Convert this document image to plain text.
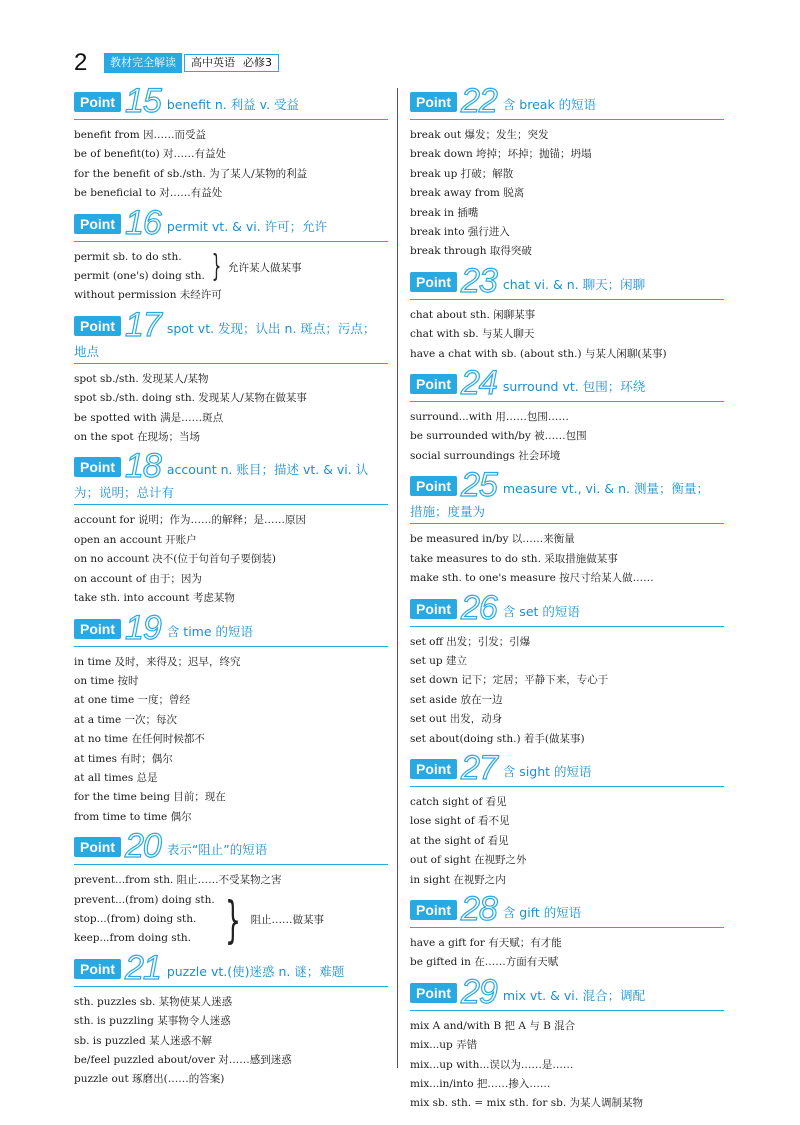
2	教材完全解读	高中英语 必修3
Point 15 benefit n. 利益 v. 受益
benefit from 因……而受益
be of benefit(to) 对……有益处
for the benefit of sb./sth. 为了某人/某物的利益
be beneficial to 对……有益处
Point 16 permit vt. & vi. 许可；允许
permit sb. to do sth.
permit (one's) doing sth. } 允许某人做某事
without permission 未经许可
Point 17 spot vt. 发现；认出 n. 斑点；污点；
地点
spot sb./sth. 发现某人/某物
spot sb./sth. doing sth. 发现某人/某物在做某事
be spotted with 满是……斑点
on the spot 在现场；当场
Point 18 account n. 账目；描述 vt. & vi. 认
为；说明；总计有
account for 说明；作为……的解释；是……原因
open an account 开账户
on no account 决不(位于句首句子要倒装)
on account of 由于；因为
take sth. into account 考虑某物
Point 19 含 time 的短语
in time 及时，来得及；迟早，终究
on time 按时
at one time 一度；曾经
at a time 一次；每次
at no time 在任何时候都不
at times 有时；偶尔
at all times 总是
for the time being 目前；现在
from time to time 偶尔
Point 20 表示“阻止”的短语
prevent...from sth. 阻止……不受某物之害
prevent...(from) doing sth.
stop...(from) doing sth.
keep...from doing sth. } 阻止……做某事
Point 21 puzzle vt.(使)迷惑 n. 谜；难题
sth. puzzles sb. 某物使某人迷惑
sth. is puzzling 某事物令人迷惑
sb. is puzzled 某人迷惑不解
be/feel puzzled about/over 对……感到迷惑
puzzle out 琢磨出(……的答案)
Point 22 含 break 的短语
break out 爆发；发生；突发
break down 垮掉；坏掉；抛锚；坍塌
break up 打破；解散
break away from 脱离
break in 插嘴
break into 强行进入
break through 取得突破
Point 23 chat vi. & n. 聊天；闲聊
chat about sth. 闲聊某事
chat with sb. 与某人聊天
have a chat with sb. (about sth.) 与某人闲聊(某事)
Point 24 surround vt. 包围；环绕
surround...with 用……包围……
be surrounded with/by 被……包围
social surroundings 社会环境
Point 25 measure vt., vi. & n. 测量；衡量；
措施；度量为
be measured in/by 以……来衡量
take measures to do sth. 采取措施做某事
make sth. to one's measure 按尺寸给某人做……
Point 26 含 set 的短语
set off 出发；引发；引爆
set up 建立
set down 记下；定居；平静下来，专心于
set aside 放在一边
set out 出发，动身
set about(doing sth.) 着手(做某事)
Point 27 含 sight 的短语
catch sight of 看见
lose sight of 看不见
at the sight of 看见
out of sight 在视野之外
in sight 在视野之内
Point 28 含 gift 的短语
have a gift for 有天赋；有才能
be gifted in 在……方面有天赋
Point 29 mix vt. & vi. 混合；调配
mix A and/with B 把 A 与 B 混合
mix...up 弄错
mix...up with...误以为……是……
mix...in/into 把……掺入……
mix sb. sth. = mix sth. for sb. 为某人调制某物
